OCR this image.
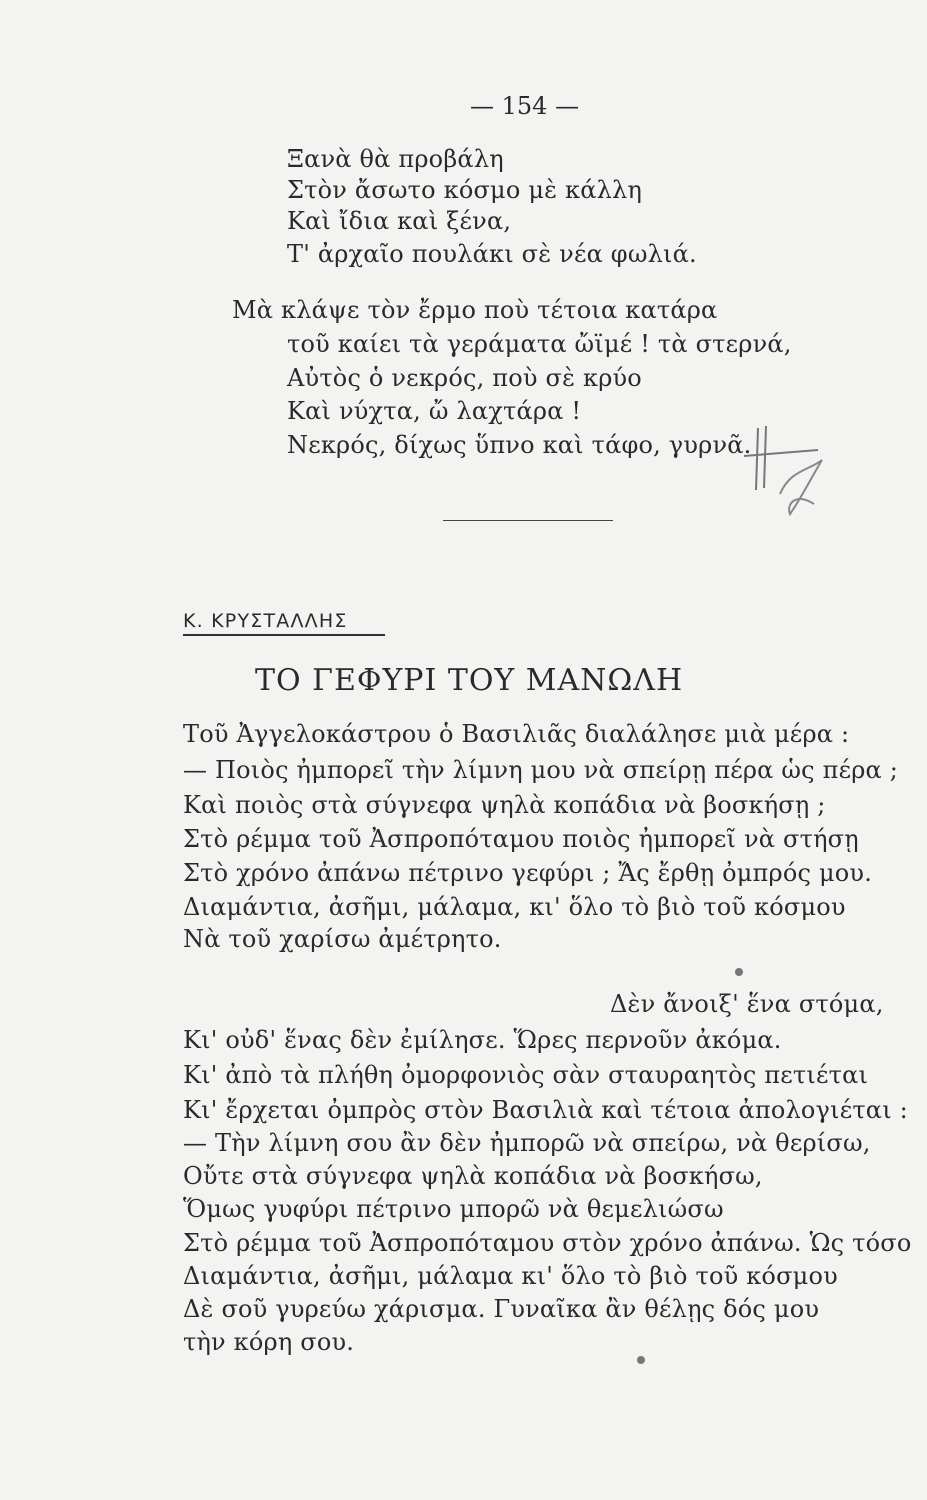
— 154 —
Ξανὰ θὰ προβάλη
Στὸν ἄσωτο κόσμο μὲ κάλλη
Καὶ ἴδια καὶ ξένα,
Τ' ἀρχαῖο πουλάκι σὲ νέα φωλιά.
Μὰ κλάψε τὸν ἔρμο ποὺ τέτοια κατάρα
τοῦ καίει τὰ γεράματα ὤϊμέ ! τὰ στερνά,
Αὐτὸς ὁ νεκρός, ποὺ σὲ κρύο
Καὶ νύχτα, ὤ λαχτάρα !
Νεκρός, δίχως ὕπνο καὶ τάφο, γυρνᾶ.
Κ. ΚΡΥΣΤΑΛΛΗΣ
ΤΟ ΓΕΦΥΡΙ ΤΟΥ ΜΑΝΩΛΗ
Τοῦ Ἀγγελοκάστρου ὁ Βασιλιᾶς διαλάλησε μιὰ μέρα :
— Ποιὸς ἠμπορεῖ τὴν λίμνη μου νὰ σπείρῃ πέρα ὡς πέρα ;
Καὶ ποιὸς στὰ σύγνεφα ψηλὰ κοπάδια νὰ βοσκήσῃ ;
Στὸ ρέμμα τοῦ Ἀσπροπόταμου ποιὸς ἠμπορεῖ νὰ στήσῃ
Στὸ χρόνο ἀπάνω πέτρινο γεφύρι ; Ἄς ἔρθῃ ὀμπρός μου.
Διαμάντια, ἀσῆμι, μάλαμα, κι' ὅλο τὸ βιὸ τοῦ κόσμου
Νὰ τοῦ χαρίσω ἀμέτρητο.
Δὲν ἄνοιξ' ἕνα στόμα,
Κι' οὐδ' ἕνας δὲν ἐμίλησε. Ὥρες περνοῦν ἀκόμα.
Κι' ἀπὸ τὰ πλήθη ὀμορφονιὸς σὰν σταυραητὸς πετιέται
Κι' ἔρχεται ὀμπρὸς στὸν Βασιλιὰ καὶ τέτοια ἀπολογιέται :
— Τὴν λίμνη σου ἂν δὲν ἠμπορῶ νὰ σπείρω, νὰ θερίσω,
Οὔτε στὰ σύγνεφα ψηλὰ κοπάδια νὰ βοσκήσω,
Ὅμως γυφύρι πέτρινο μπορῶ νὰ θεμελιώσω
Στὸ ρέμμα τοῦ Ἀσπροπόταμου στὸν χρόνο ἀπάνω. Ὡς τόσο
Διαμάντια, ἀσῆμι, μάλαμα κι' ὅλο τὸ βιὸ τοῦ κόσμου
Δὲ σοῦ γυρεύω χάρισμα. Γυναῖκα ἂν θέλῃς δός μου
τὴν κόρη σου.
